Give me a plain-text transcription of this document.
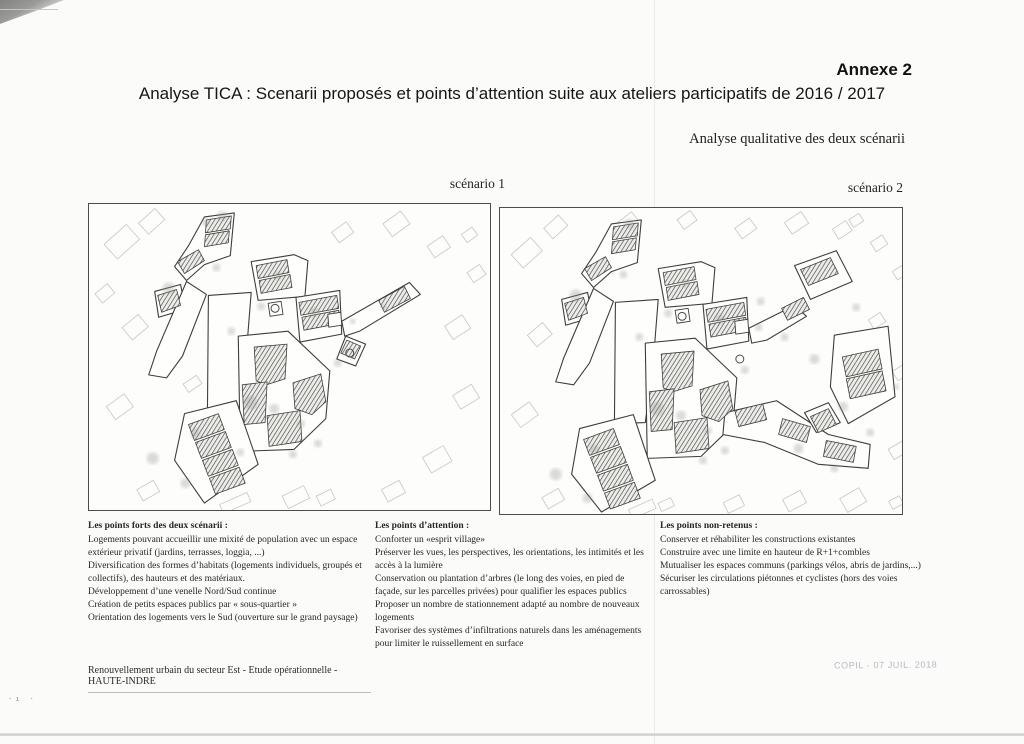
·ı ·
Annexe 2
Analyse TICA : Scenarii proposés et points d’attention suite aux ateliers participatifs de 2016 / 2017
Analyse qualitative des deux scénarii
scénario 1	scénario 2
Les points forts des deux scénarii :
Logements pouvant accueillir une mixité de population avec un espace extérieur privatif (jardins, terrasses, loggia, ...)
Diversification des formes d’habitats (logements individuels, groupés et collectifs), des hauteurs et des matériaux.
Développement d’une venelle Nord/Sud continue
Création de petits espaces publics par « sous-quartier »
Orientation des logements vers le Sud (ouverture sur le grand paysage)
Les points d’attention :
Conforter un «esprit village»
Préserver les vues, les perspectives, les orientations, les intimités et les accès à la lumière
Conservation ou plantation d’arbres (le long des voies, en pied de façade, sur les parcelles privées) pour qualifier les espaces publics
Proposer un nombre de stationnement adapté au nombre de nouveaux logements
Favoriser des systèmes d’infiltrations naturels dans les aménagements pour limiter le ruissellement en surface
Les points non-retenus :
Conserver et réhabiliter les constructions existantes
Construire avec une limite en hauteur de R+1+combles
Mutualiser les espaces communs (parkings vélos, abris de jardins,...)
Sécuriser les circulations piétonnes et cyclistes (hors des voies carrossables)
Renouvellement urbain du secteur Est - Etude opérationnelle - HAUTE-INDRE
COPIL - 07 JUIL. 2018
